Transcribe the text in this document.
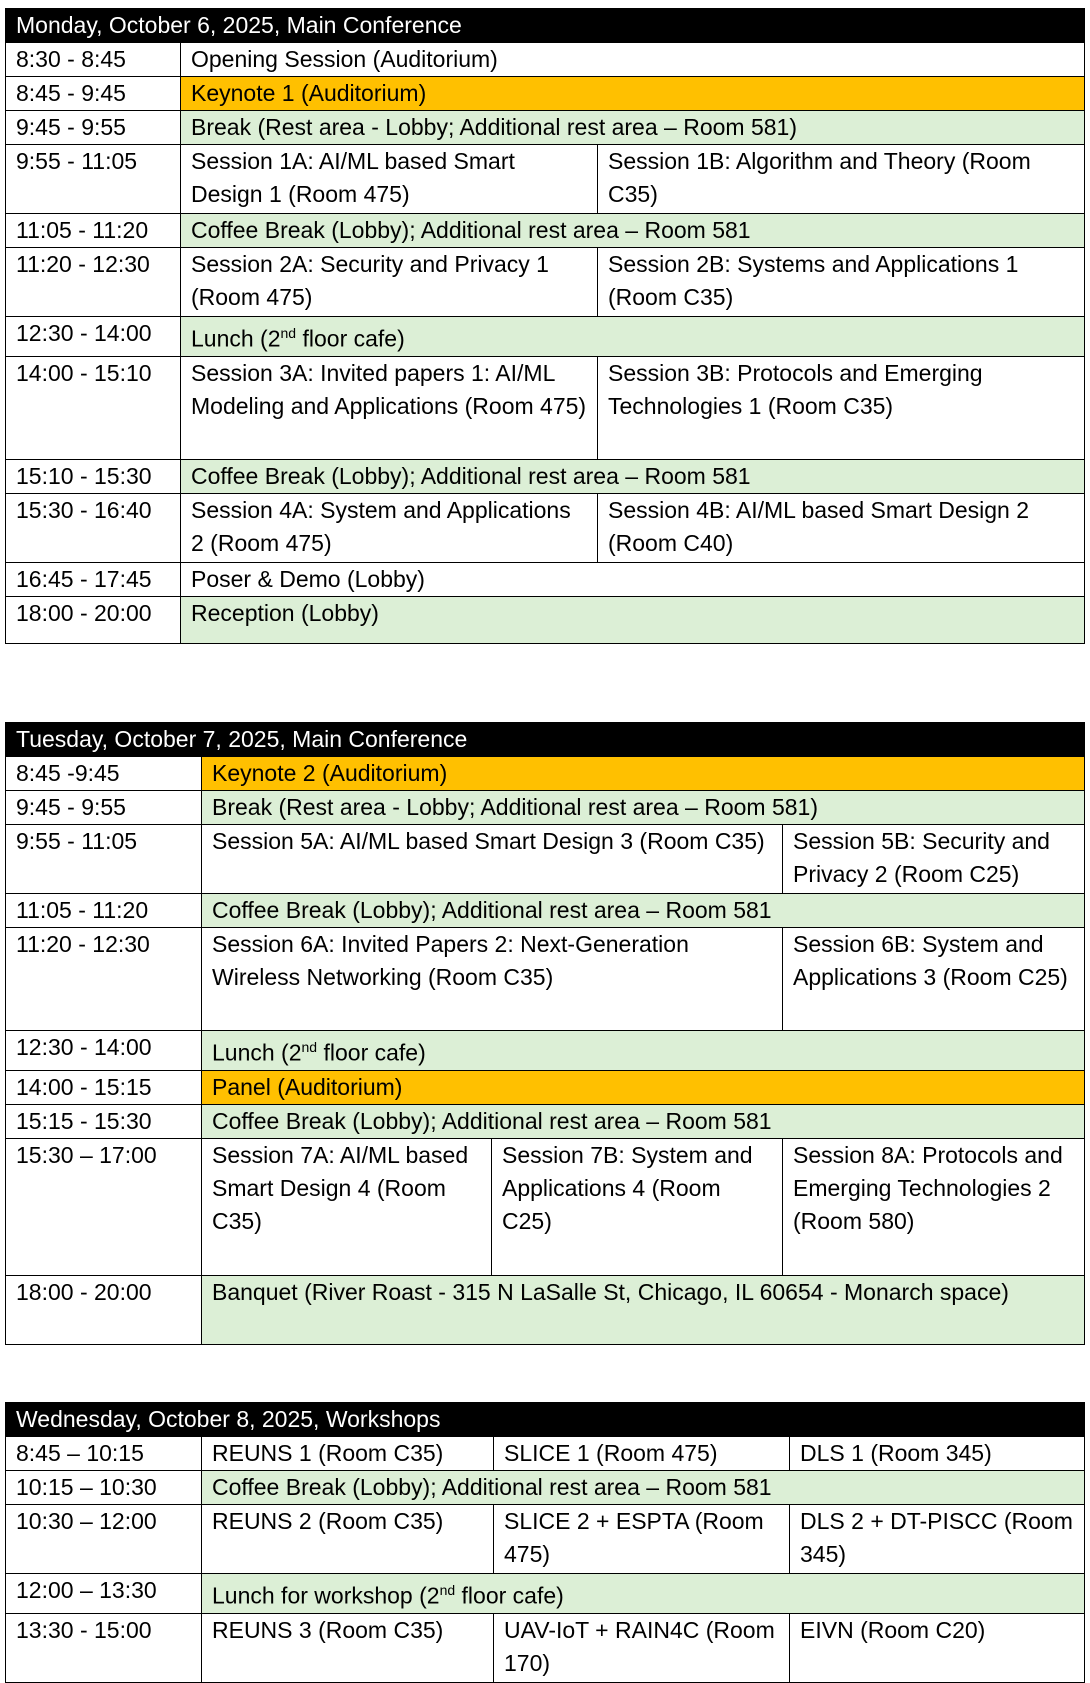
Monday, October 6, 2025, Main Conference		
8:30 - 8:45	Opening Session (Auditorium)	
8:45 - 9:45	Keynote 1 (Auditorium)	
9:45 - 9:55	Break (Rest area - Lobby; Additional rest area – Room 581)	
9:55 - 11:05	Session 1A: AI/ML based Smart Design 1 (Room 475)	Session 1B: Algorithm and Theory (Room C35)
11:05 - 11:20	Coffee Break (Lobby); Additional rest area – Room 581	
11:20 - 12:30	Session 2A: Security and Privacy 1 (Room 475)	Session 2B: Systems and Applications 1 (Room C35)
12:30 - 14:00	Lunch (2nd floor cafe)	
14:00 - 15:10	Session 3A: Invited papers 1: AI/ML Modeling and Applications (Room 475)	Session 3B: Protocols and Emerging Technologies 1 (Room C35)
15:10 - 15:30	Coffee Break (Lobby); Additional rest area – Room 581	
15:30 - 16:40	Session 4A: System and Applications 2 (Room 475)	Session 4B: AI/ML based Smart Design 2 (Room C40)
16:45 - 17:45	Poser & Demo (Lobby)	
18:00 - 20:00	Reception (Lobby)	
Tuesday, October 7, 2025, Main Conference			
8:45 -9:45	Keynote 2 (Auditorium)		
9:45 - 9:55	Break (Rest area - Lobby; Additional rest area – Room 581)		
9:55 - 11:05	Session 5A: AI/ML based Smart Design 3 (Room C35)		Session 5B: Security and Privacy 2 (Room C25)
11:05 - 11:20	Coffee Break (Lobby); Additional rest area – Room 581		
11:20 - 12:30	Session 6A: Invited Papers 2: Next-Generation Wireless Networking (Room C35)		Session 6B: System and Applications 3 (Room C25)
12:30 - 14:00	Lunch (2nd floor cafe)		
14:00 - 15:15	Panel (Auditorium)		
15:15 - 15:30	Coffee Break (Lobby); Additional rest area – Room 581		
15:30 – 17:00	Session 7A: AI/ML based Smart Design 4 (Room C35)	Session 7B: System and Applications 4 (Room C25)	Session 8A: Protocols and Emerging Technologies 2 (Room 580)
18:00 - 20:00	Banquet (River Roast - 315 N LaSalle St, Chicago, IL 60654 - Monarch space)		
Wednesday, October 8, 2025, Workshops			
8:45 – 10:15	REUNS 1 (Room C35)	SLICE 1 (Room 475)	DLS 1 (Room 345)
10:15 – 10:30	Coffee Break (Lobby); Additional rest area – Room 581		
10:30 – 12:00	REUNS 2 (Room C35)	SLICE 2 + ESPTA (Room 475)	DLS 2 + DT-PISCC (Room 345)
12:00 – 13:30	Lunch for workshop (2nd floor cafe)		
13:30 - 15:00	REUNS 3 (Room C35)	UAV-IoT + RAIN4C (Room 170)	EIVN (Room C20)
